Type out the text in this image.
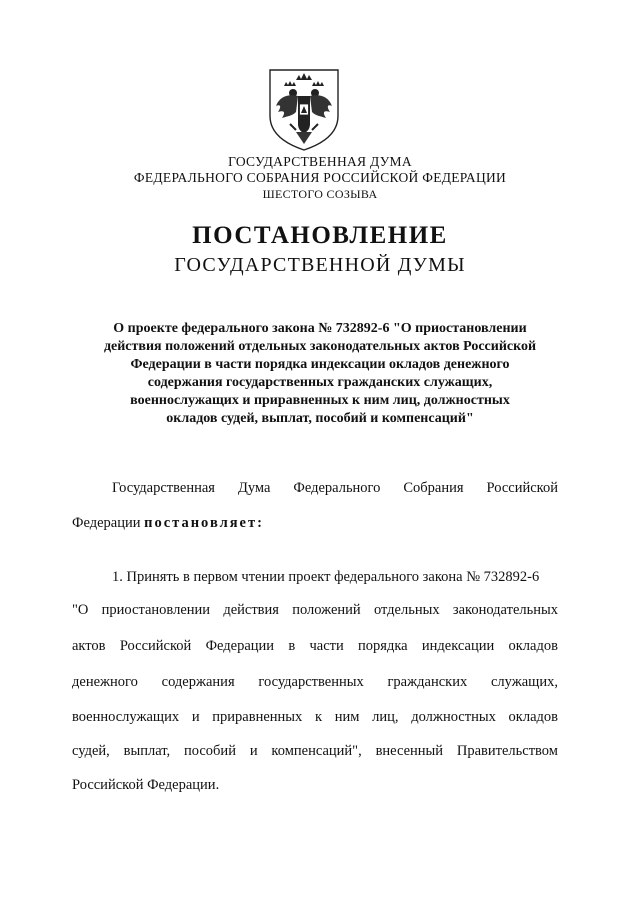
ГОСУДАРСТВЕННАЯ ДУМА
ФЕДЕРАЛЬНОГО СОБРАНИЯ РОССИЙСКОЙ ФЕДЕРАЦИИ
ШЕСТОГО СОЗЫВА
ПОСТАНОВЛЕНИЕ
ГОСУДАРСТВЕННОЙ ДУМЫ
О проекте федерального закона № 732892-6 "О приостановлении
действия положений отдельных законодательных актов Российской
Федерации в части порядка индексации окладов денежного
содержания государственных гражданских служащих,
военнослужащих и приравненных к ним лиц, должностных
окладов судей, выплат, пособий и компенсаций"
Государственная Дума Федерального Собрания Российской
Федерации постановляет:
1. Принять в первом чтении проект федерального закона № 732892-6
"О приостановлении действия положений отдельных законодательных
актов Российской Федерации в части порядка индексации окладов
денежного содержания государственных гражданских служащих,
военнослужащих и приравненных к ним лиц, должностных окладов
судей, выплат, пособий и компенсаций", внесенный Правительством
Российской Федерации.
